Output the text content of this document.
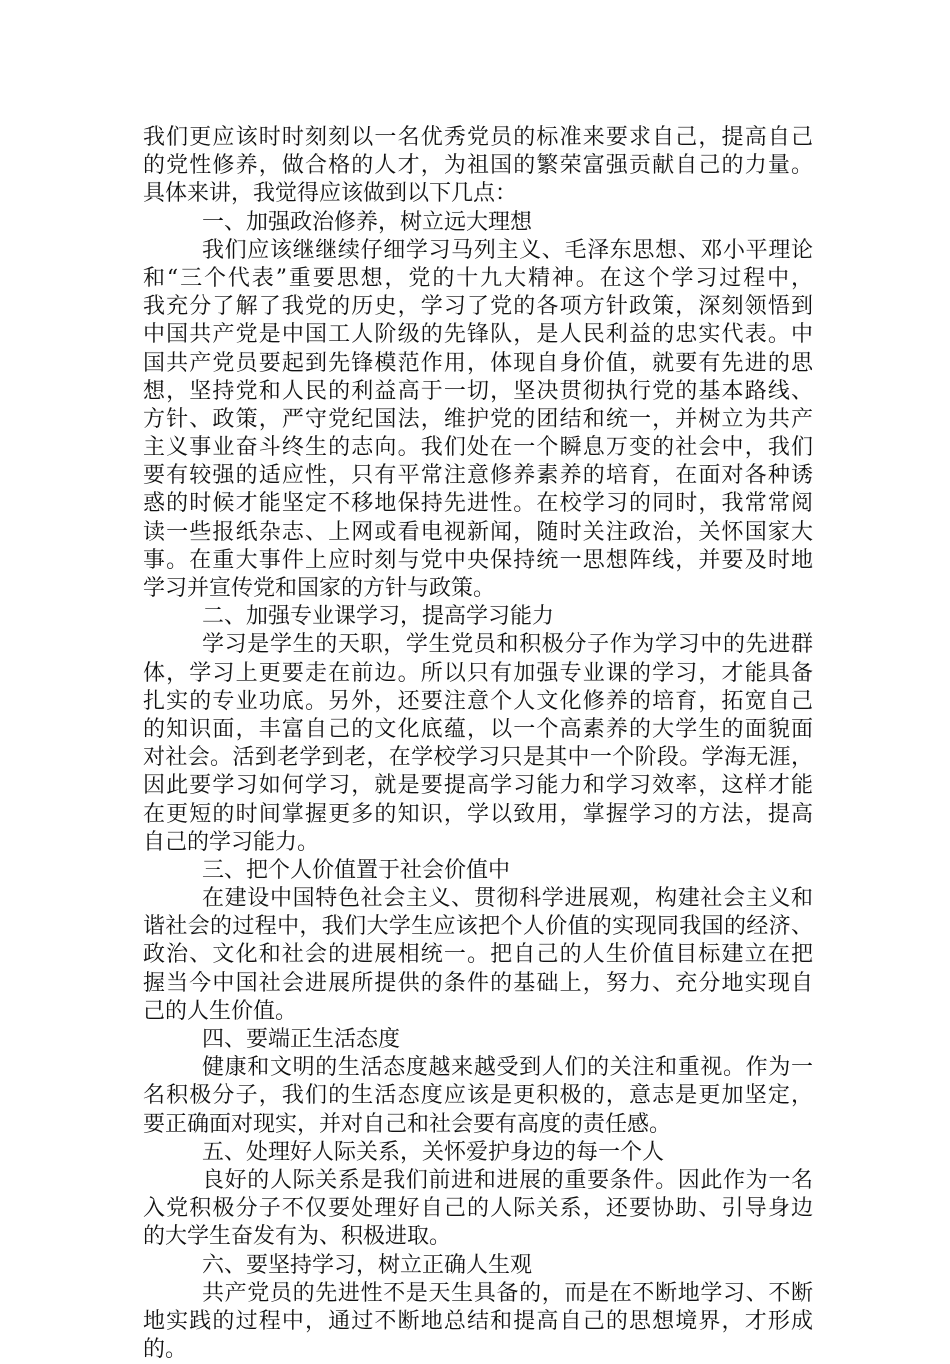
我们更应该时时刻刻以一名优秀党员的标准来要求自己，提高自己
的党性修养，做合格的人才，为祖国的繁荣富强贡献自己的力量。
具体来讲，我觉得应该做到以下几点：
一、加强政治修养，树立远大理想
我们应该继继续仔细学习马列主义、毛泽东思想、邓小平理论
和“三个代表”重要思想，党的十九大精神。在这个学习过程中，
我充分了解了我党的历史，学习了党的各项方针政策，深刻领悟到
中国共产党是中国工人阶级的先锋队，是人民利益的忠实代表。中
国共产党员要起到先锋模范作用，体现自身价值，就要有先进的思
想，坚持党和人民的利益高于一切，坚决贯彻执行党的基本路线、
方针、政策，严守党纪国法，维护党的团结和统一，并树立为共产
主义事业奋斗终生的志向。我们处在一个瞬息万变的社会中，我们
要有较强的适应性，只有平常注意修养素养的培育，在面对各种诱
惑的时候才能坚定不移地保持先进性。在校学习的同时，我常常阅
读一些报纸杂志、上网或看电视新闻，随时关注政治，关怀国家大
事。在重大事件上应时刻与党中央保持统一思想阵线，并要及时地
学习并宣传党和国家的方针与政策。
二、加强专业课学习，提高学习能力
学习是学生的天职，学生党员和积极分子作为学习中的先进群
体，学习上更要走在前边。所以只有加强专业课的学习，才能具备
扎实的专业功底。另外，还要注意个人文化修养的培育，拓宽自己
的知识面，丰富自己的文化底蕴，以一个高素养的大学生的面貌面
对社会。活到老学到老，在学校学习只是其中一个阶段。学海无涯，
因此要学习如何学习，就是要提高学习能力和学习效率，这样才能
在更短的时间掌握更多的知识，学以致用，掌握学习的方法，提高
自己的学习能力。
三、把个人价值置于社会价值中
在建设中国特色社会主义、贯彻科学进展观，构建社会主义和
谐社会的过程中，我们大学生应该把个人价值的实现同我国的经济、
政治、文化和社会的进展相统一。把自己的人生价值目标建立在把
握当今中国社会进展所提供的条件的基础上，努力、充分地实现自
己的人生价值。
四、要端正生活态度
健康和文明的生活态度越来越受到人们的关注和重视。作为一
名积极分子，我们的生活态度应该是更积极的，意志是更加坚定，
要正确面对现实，并对自己和社会要有高度的责任感。
五、处理好人际关系，关怀爱护身边的每一个人
良好的人际关系是我们前进和进展的重要条件。因此作为一名
入党积极分子不仅要处理好自己的人际关系，还要协助、引导身边
的大学生奋发有为、积极进取。
六、要坚持学习，树立正确人生观
共产党员的先进性不是天生具备的，而是在不断地学习、不断
地实践的过程中，通过不断地总结和提高自己的思想境界，才形成
的。
